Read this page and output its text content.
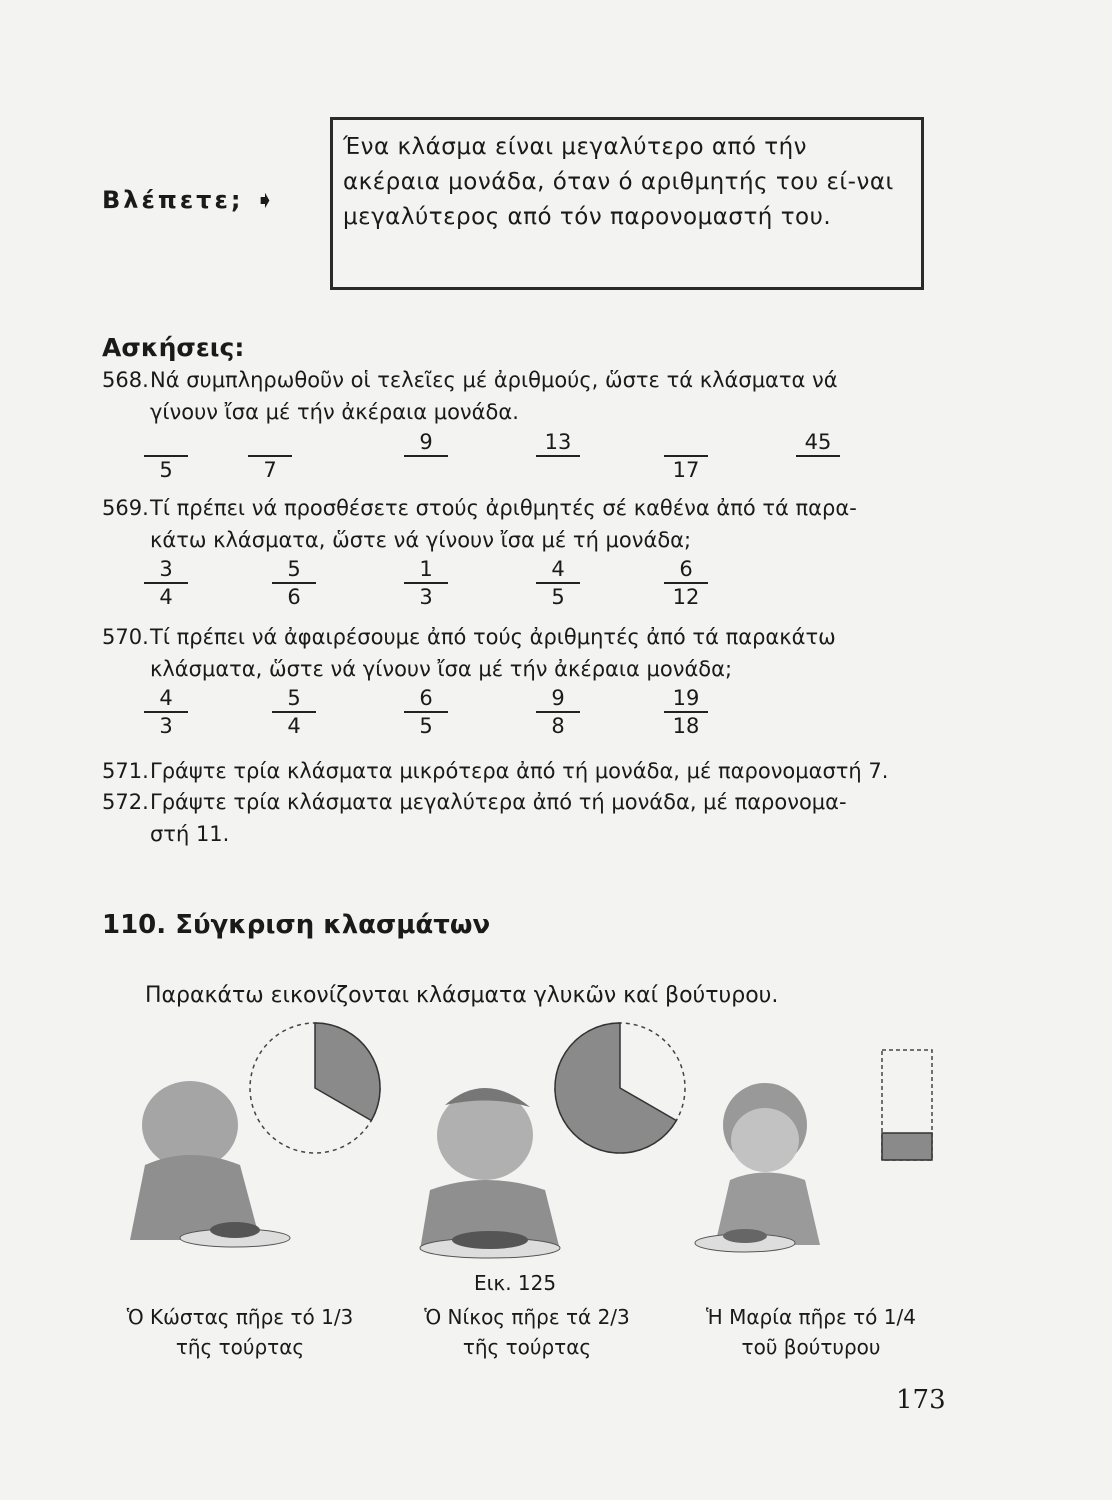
Βλέπετε; ➧
Ένα κλάσμα είναι μεγαλύτερο από τήν ακέραια μονάδα, όταν ό αριθμητής του εί-ναι μεγαλύτερος από τόν παρονομαστή του.
Ασκήσεις:
568.Νά συμπληρωθοῦν οἱ τελεῖες μέ ἀριθμούς, ὥστε τά κλάσματα νά
γίνουν ἴσα μέ τήν ἀκέραια μονάδα.
5	7
9	13
17
45
569.Τί πρέπει νά προσθέσετε στούς ἀριθμητές σέ καθένα ἀπό τά παρα-
κάτω κλάσματα, ὥστε νά γίνουν ἴσα μέ τή μονάδα;
3
4
5
6
1
3
4
5
6
12
570.Τί πρέπει νά ἀφαιρέσουμε ἀπό τούς ἀριθμητές ἀπό τά παρακάτω
κλάσματα, ὥστε νά γίνουν ἴσα μέ τήν ἀκέραια μονάδα;
4
3
5
4
6
5
9
8
19
18
571.Γράψτε τρία κλάσματα μικρότερα ἀπό τή μονάδα, μέ παρονομαστή 7.
572.Γράψτε τρία κλάσματα μεγαλύτερα ἀπό τή μονάδα, μέ παρονομα-
στή 11.
110. Σύγκριση κλασμάτων
Παρακάτω εικονίζονται κλάσματα γλυκῶν καί βούτυρου.
Εικ. 125
Ὁ Κώστας πῆρε τό 1/3
τῆς τούρτας
Ὁ Νίκος πῆρε τά 2/3
τῆς τούρτας
Ἡ Μαρία πῆρε τό 1/4
τοῦ βούτυρου
173
